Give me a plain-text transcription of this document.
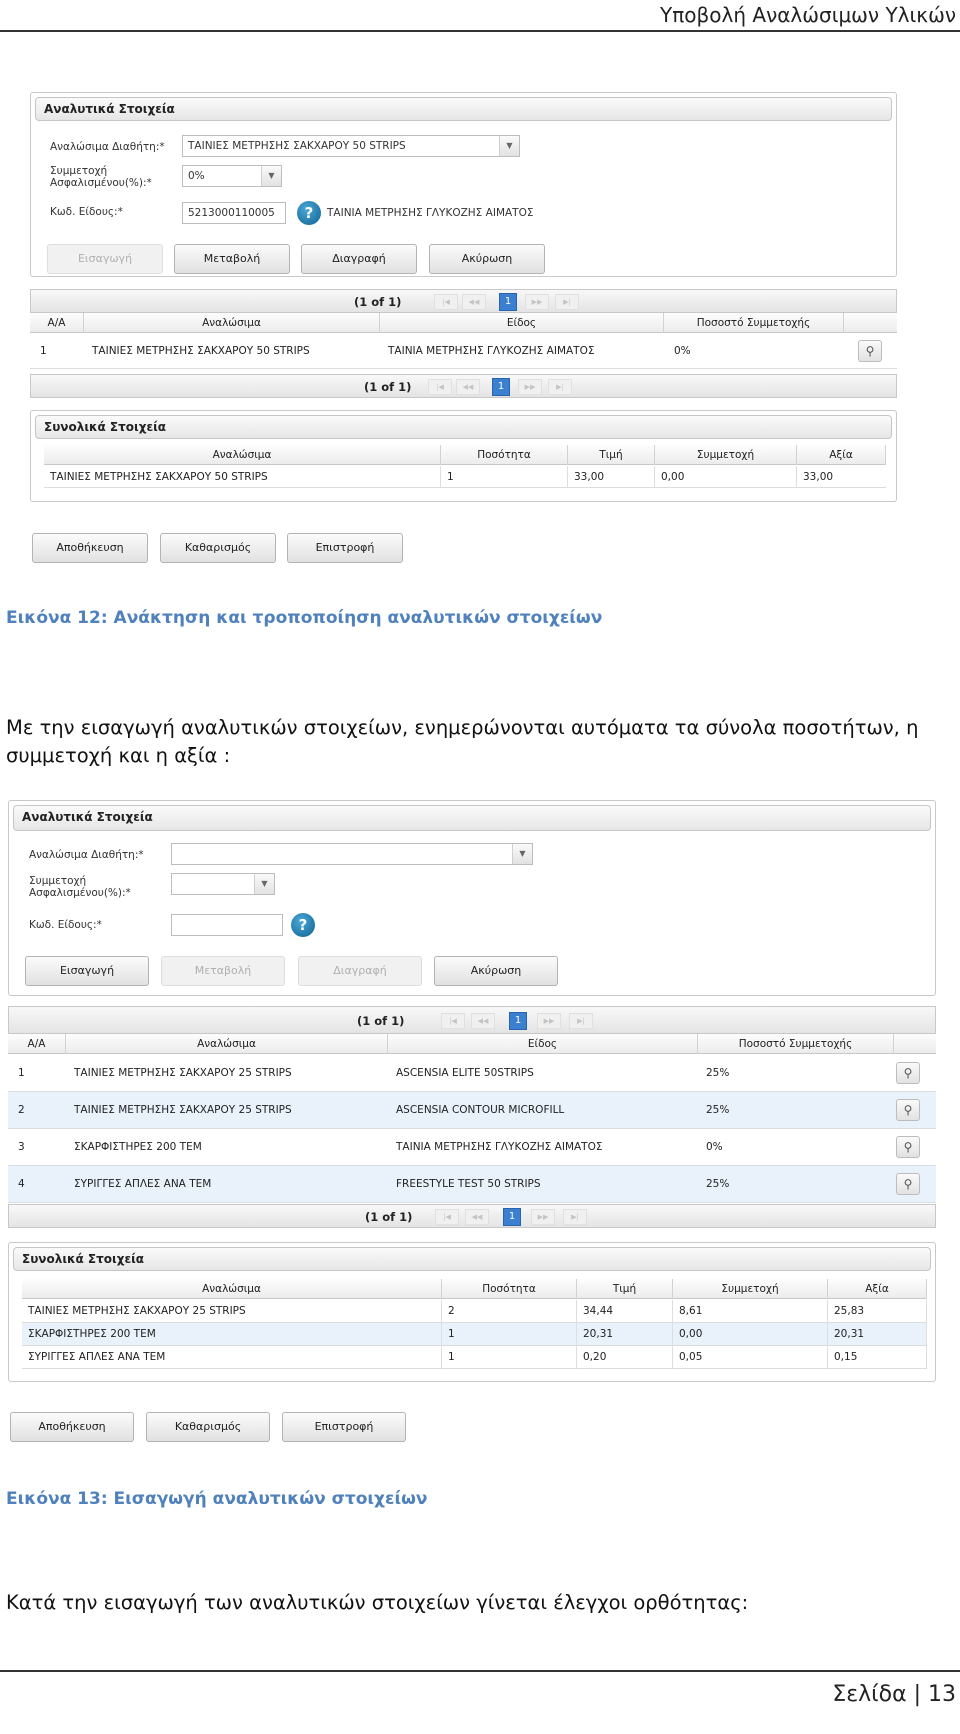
Υποβολή Αναλώσιμων Υλικών
Αναλυτικά Στοιχεία
Αναλώσιμα Διαθήτη:*	ΤΑΙΝΙΕΣ ΜΕΤΡΗΣΗΣ ΣΑΚΧΑΡΟΥ 50 STRIPS	▼
Συμμετοχή Ασφαλισμένου(%):*
0%	▼
Κωδ. Είδους:*	5213000110005	?	ΤΑΙΝΙΑ ΜΕΤΡΗΣΗΣ ΓΛΥΚΟΖΗΣ ΑΙΜΑΤΟΣ
Εισαγωγή	Μεταβολή	Διαγραφή	Ακύρωση
(1 of 1)	|◀	◀◀	1	▶▶	▶|
Α/Α	Αναλώσιμα	Είδος	Ποσοστό Συμμετοχής
1	ΤΑΙΝΙΕΣ ΜΕΤΡΗΣΗΣ ΣΑΚΧΑΡΟΥ 50 STRIPS	ΤΑΙΝΙΑ ΜΕΤΡΗΣΗΣ ΓΛΥΚΟΖΗΣ ΑΙΜΑΤΟΣ	0%	⚲
(1 of 1)	|◀	◀◀	1	▶▶	▶|
Συνολικά Στοιχεία
Αναλώσιμα	Ποσότητα	Τιμή	Συμμετοχή	Αξία
ΤΑΙΝΙΕΣ ΜΕΤΡΗΣΗΣ ΣΑΚΧΑΡΟΥ 50 STRIPS	1	33,00	0,00	33,00
Αποθήκευση	Καθαρισμός	Επιστροφή
Εικόνα 12: Ανάκτηση και τροποποίηση αναλυτικών στοιχείων
Με την εισαγωγή αναλυτικών στοιχείων, ενημερώνονται αυτόματα τα σύνολα ποσοτήτων, η συμμετοχή και η αξία :
Αναλυτικά Στοιχεία
Αναλώσιμα Διαθήτη:*	▼
Συμμετοχή Ασφαλισμένου(%):*
▼
Κωδ. Είδους:*	?
Εισαγωγή	Μεταβολή	Διαγραφή	Ακύρωση
(1 of 1)	|◀	◀◀	1	▶▶	▶|
Α/Α	Αναλώσιμα	Είδος	Ποσοστό Συμμετοχής
1	ΤΑΙΝΙΕΣ ΜΕΤΡΗΣΗΣ ΣΑΚΧΑΡΟΥ 25 STRIPS	ASCENSIA ELITE 50STRIPS	25%	⚲
2	ΤΑΙΝΙΕΣ ΜΕΤΡΗΣΗΣ ΣΑΚΧΑΡΟΥ 25 STRIPS	ASCENSIA CONTOUR MICROFILL	25%	⚲
3	ΣΚΑΡΦΙΣΤΗΡΕΣ 200 ΤΕΜ	ΤΑΙΝΙΑ ΜΕΤΡΗΣΗΣ ΓΛΥΚΟΖΗΣ ΑΙΜΑΤΟΣ	0%	⚲
4	ΣΥΡΙΓΓΕΣ ΑΠΛΕΣ ΑΝΑ ΤΕΜ	FREESTYLE TEST 50 STRIPS	25%	⚲
(1 of 1)	|◀	◀◀	1	▶▶	▶|
Συνολικά Στοιχεία
Αναλώσιμα	Ποσότητα	Τιμή	Συμμετοχή	Αξία
ΤΑΙΝΙΕΣ ΜΕΤΡΗΣΗΣ ΣΑΚΧΑΡΟΥ 25 STRIPS	2	34,44	8,61	25,83
ΣΚΑΡΦΙΣΤΗΡΕΣ 200 ΤΕΜ	1	20,31	0,00	20,31
ΣΥΡΙΓΓΕΣ ΑΠΛΕΣ ΑΝΑ ΤΕΜ	1	0,20	0,05	0,15
Αποθήκευση	Καθαρισμός	Επιστροφή
Εικόνα 13: Εισαγωγή αναλυτικών στοιχείων
Κατά την εισαγωγή των αναλυτικών στοιχείων γίνεται έλεγχοι ορθότητας:
Σελίδα | 13
